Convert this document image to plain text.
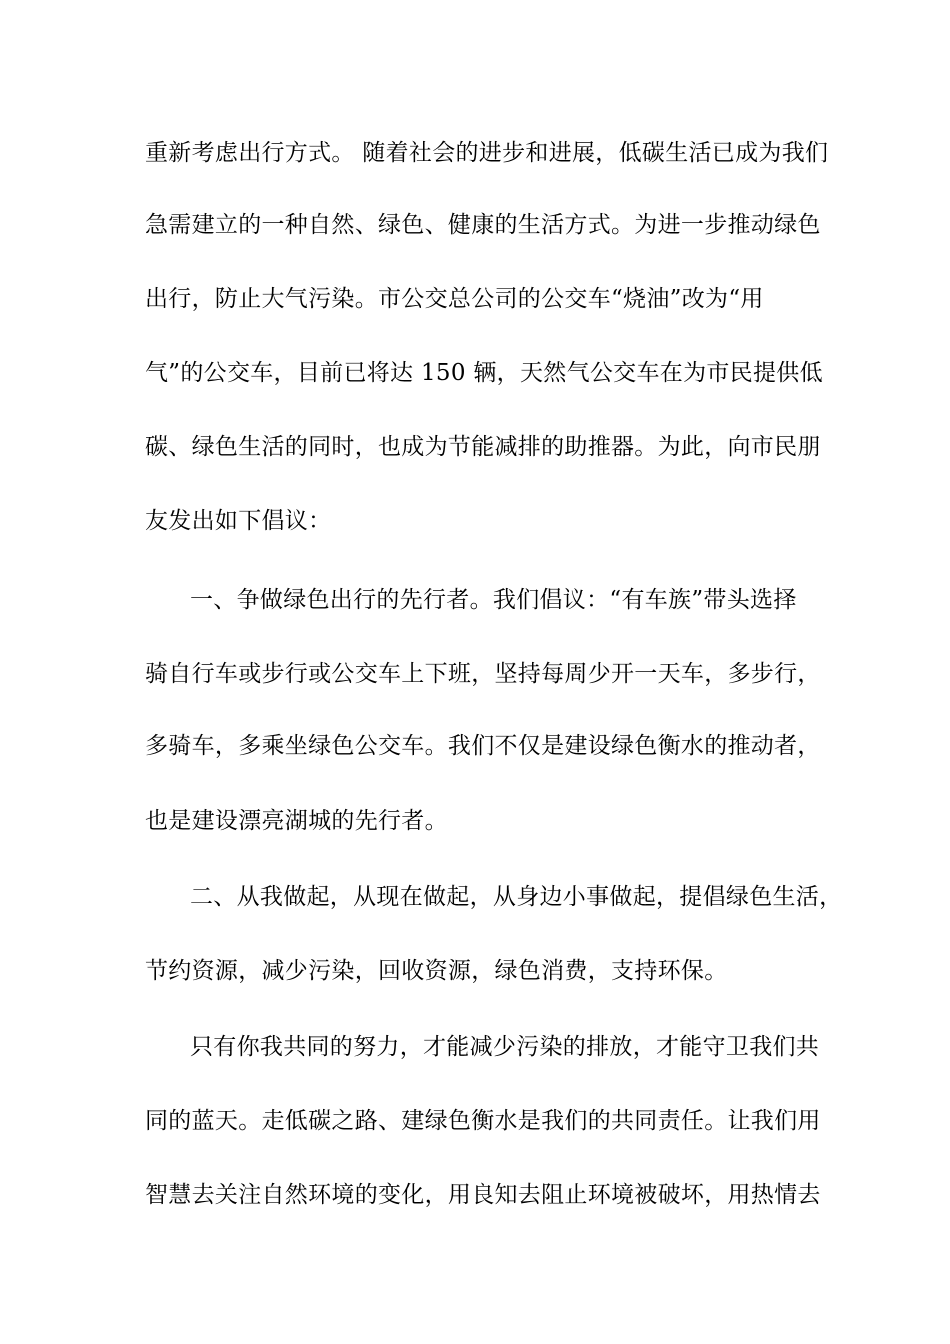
重新考虑出行方式。 随着社会的进步和进展，低碳生活已成为我们
急需建立的一种自然、绿色、健康的生活方式。为进一步推动绿色
出行，防止大气污染。市公交总公司的公交车“烧油”改为“用
气”的公交车，目前已将达 150 辆，天然气公交车在为市民提供低
碳、绿色生活的同时，也成为节能减排的助推器。为此，向市民朋
友发出如下倡议：
一、争做绿色出行的先行者。我们倡议：“有车族”带头选择
骑自行车或步行或公交车上下班，坚持每周少开一天车，多步行，
多骑车，多乘坐绿色公交车。我们不仅是建设绿色衡水的推动者，
也是建设漂亮湖城的先行者。
二、从我做起，从现在做起，从身边小事做起，提倡绿色生活，
节约资源，减少污染，回收资源，绿色消费，支持环保。
只有你我共同的努力，才能减少污染的排放，才能守卫我们共
同的蓝天。走低碳之路、建绿色衡水是我们的共同责任。让我们用
智慧去关注自然环境的变化，用良知去阻止环境被破坏，用热情去
